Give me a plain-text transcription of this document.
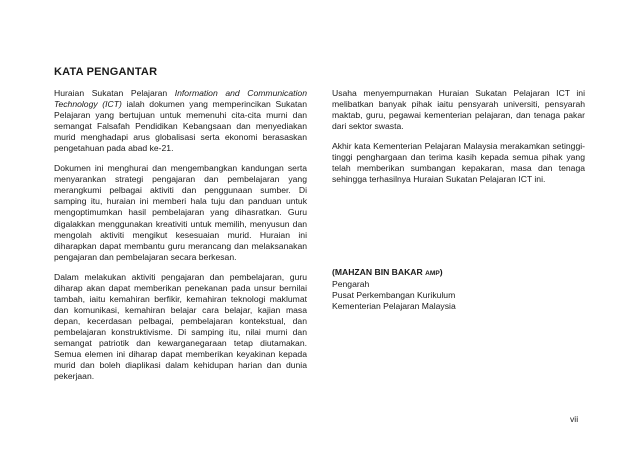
KATA PENGANTAR

Huraian Sukatan Pelajaran Information and Communication Technology (ICT) ialah dokumen yang memperincikan Sukatan Pelajaran yang bertujuan untuk memenuhi cita-cita murni dan semangat Falsafah Pendidikan Kebangsaan dan menyediakan murid menghadapi arus globalisasi serta ekonomi berasaskan pengetahuan pada abad ke-21.

Dokumen ini menghurai dan mengembangkan kandungan serta menyarankan strategi pengajaran dan pembelajaran yang merangkumi pelbagai aktiviti dan penggunaan sumber. Di samping itu, huraian ini memberi hala tuju dan panduan untuk mengoptimumkan hasil pembelajaran yang dihasratkan. Guru digalakkan menggunakan kreativiti untuk memilih, menyusun dan mengolah aktiviti mengikut kesesuaian murid. Huraian ini diharapkan dapat membantu guru merancang dan melaksanakan pengajaran dan pembelajaran secara berkesan.

Dalam melakukan aktiviti pengajaran dan pembelajaran, guru diharap akan dapat memberikan penekanan pada unsur bernilai tambah, iaitu kemahiran berfikir, kemahiran teknologi maklumat dan komunikasi, kemahiran belajar cara belajar, kajian masa depan, kecerdasan pelbagai, pembelajaran kontekstual, dan pembelajaran konstruktivisme. Di samping itu, nilai murni dan semangat patriotik dan kewarganegaraan tetap diutamakan. Semua elemen ini diharap dapat memberikan keyakinan kepada murid dan boleh diaplikasi dalam kehidupan harian dan dunia pekerjaan.

Usaha menyempurnakan Huraian Sukatan Pelajaran ICT ini melibatkan banyak pihak iaitu pensyarah universiti, pensyarah maktab, guru, pegawai kementerian pelajaran, dan tenaga pakar dari sektor swasta.

Akhir kata Kementerian Pelajaran Malaysia merakamkan setinggi-tinggi penghargaan dan terima kasih kepada semua pihak yang telah memberikan sumbangan kepakaran, masa dan tenaga sehingga terhasilnya Huraian Sukatan Pelajaran ICT ini.

(MAHZAN BIN BAKAR AMP)
Pengarah
Pusat Perkembangan Kurikulum
Kementerian Pelajaran Malaysia
vii
